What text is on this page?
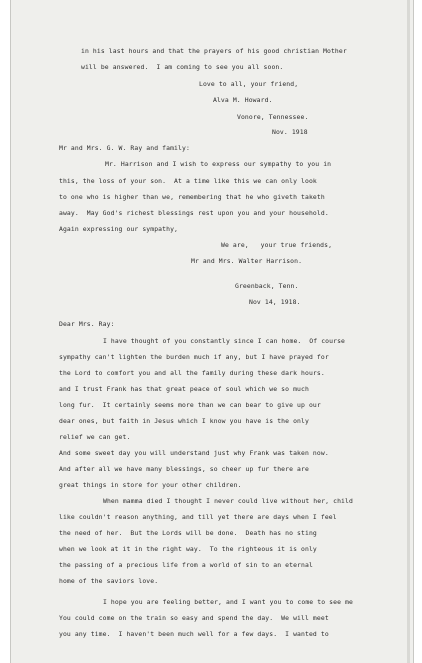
in his last hours and that the prayers of his good christian Mother
will be answered.  I am coming to see you all soon.
Love to all, your friend,
Alva M. Howard.
Vonore, Tennessee.
Nov. 1918
Mr and Mrs. G. W. Ray and family:
Mr. Harrison and I wish to express our sympathy to you in
this, the loss of your son.  At a time like this we can only look
to one who is higher than we, remembering that he who giveth taketh
away.  May God's richest blessings rest upon you and your household.
Again expressing our sympathy,
We are,   your true friends,
Mr and Mrs. Walter Harrison.
Greenback, Tenn.
Nov 14, 1918.
Dear Mrs. Ray:
I have thought of you constantly since I can home.  Of course
sympathy can't lighten the burden much if any, but I have prayed for
the Lord to comfort you and all the family during these dark hours.
and I trust Frank has that great peace of soul which we so much
long fur.  It certainly seems more than we can bear to give up our
dear ones, but faith in Jesus which I know you have is the only
relief we can get.
And some sweet day you will understand just why Frank was taken now.
And after all we have many blessings, so cheer up fur there are
great things in store for your other children.
When mamma died I thought I never could live without her, child
like couldn't reason anything, and till yet there are days when I feel
the need of her.  But the Lords will be done.  Death has no sting
when we look at it in the right way.  To the righteous it is only
the passing of a precious life from a world of sin to an eternal
home of the saviors love.
I hope you are feeling better, and I want you to come to see me
You could come on the train so easy and spend the day.  We will meet
you any time.  I haven't been much well for a few days.  I wanted to
